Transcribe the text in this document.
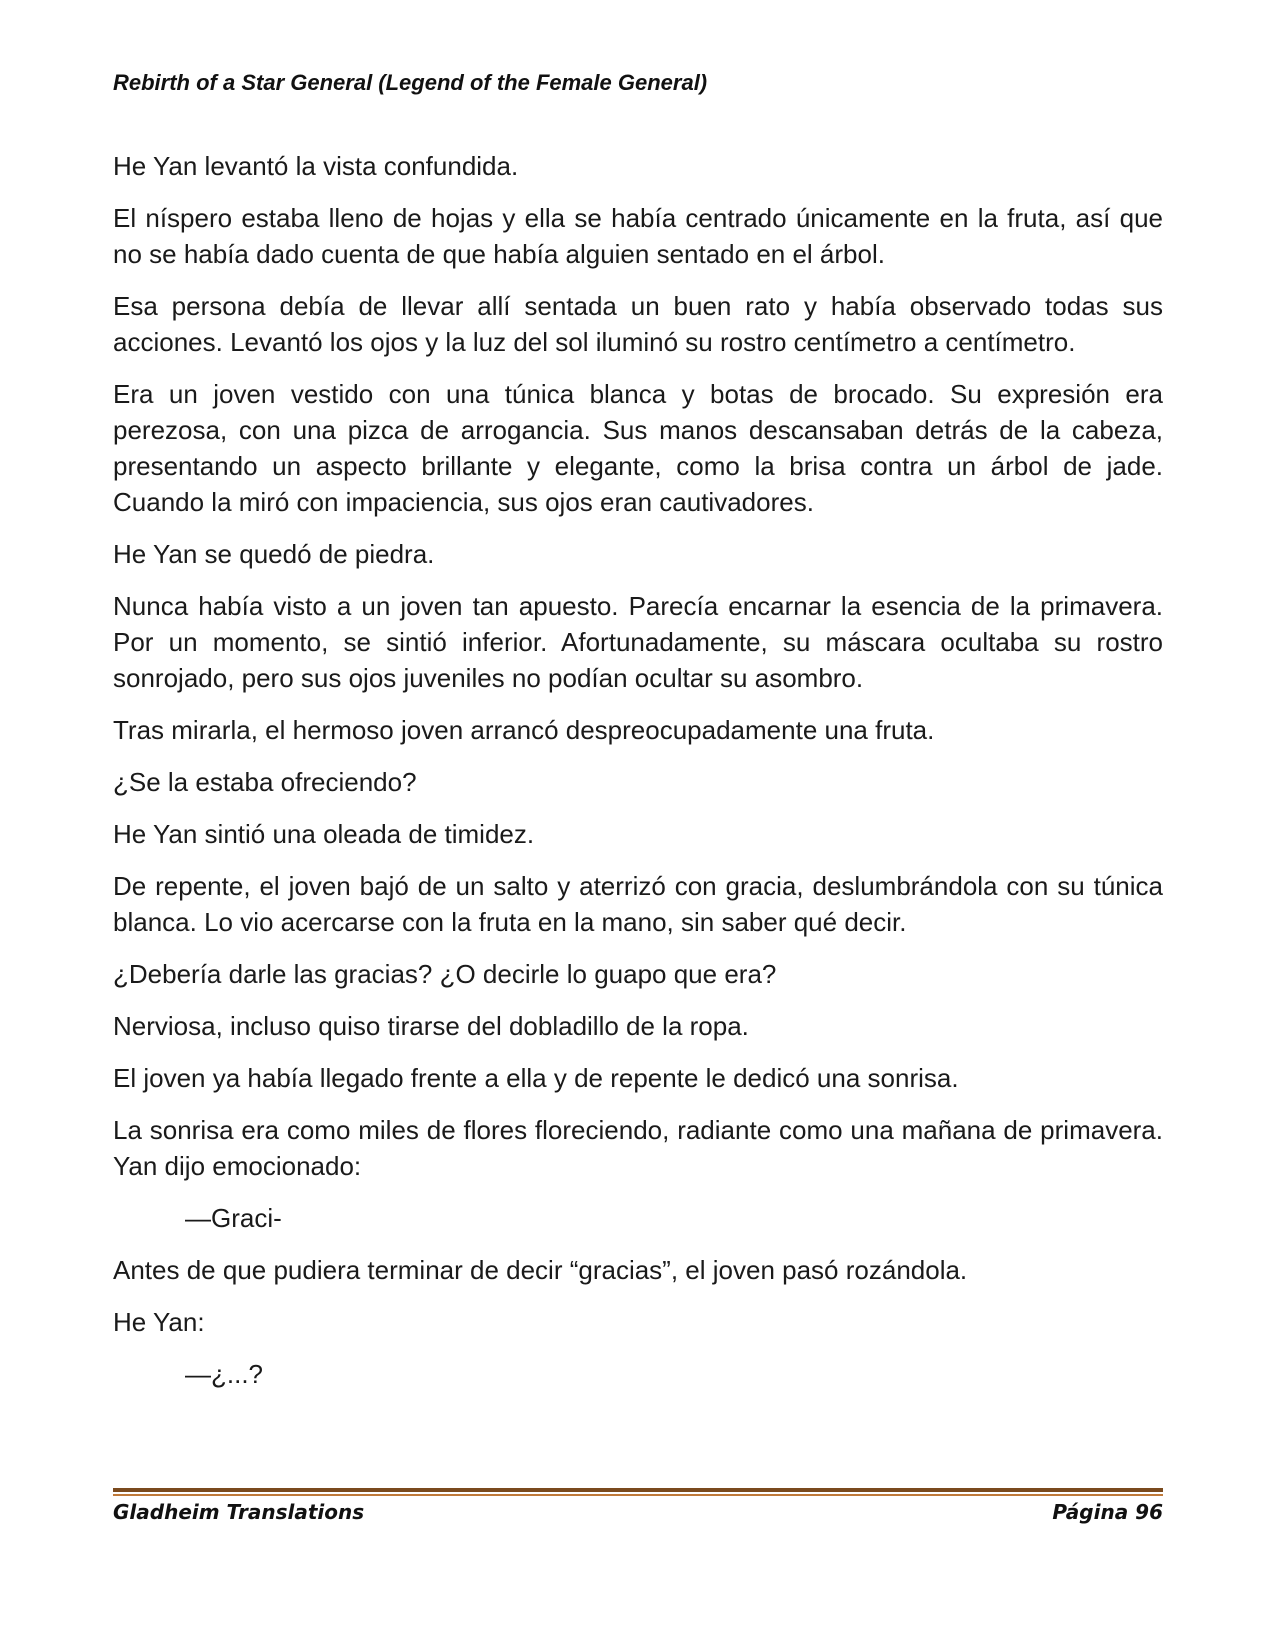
Rebirth of a Star General (Legend of the Female General)

He Yan levantó la vista confundida.

El níspero estaba lleno de hojas y ella se había centrado únicamente en la fruta, así que no se había dado cuenta de que había alguien sentado en el árbol.

Esa persona debía de llevar allí sentada un buen rato y había observado todas sus acciones. Levantó los ojos y la luz del sol iluminó su rostro centímetro a centímetro.

Era un joven vestido con una túnica blanca y botas de brocado. Su expresión era perezosa, con una pizca de arrogancia. Sus manos descansaban detrás de la cabeza, presentando un aspecto brillante y elegante, como la brisa contra un árbol de jade. Cuando la miró con impaciencia, sus ojos eran cautivadores.

He Yan se quedó de piedra.

Nunca había visto a un joven tan apuesto. Parecía encarnar la esencia de la primavera. Por un momento, se sintió inferior. Afortunadamente, su máscara ocultaba su rostro sonrojado, pero sus ojos juveniles no podían ocultar su asombro.

Tras mirarla, el hermoso joven arrancó despreocupadamente una fruta.

¿Se la estaba ofreciendo?

He Yan sintió una oleada de timidez.

De repente, el joven bajó de un salto y aterrizó con gracia, deslumbrándola con su túnica blanca. Lo vio acercarse con la fruta en la mano, sin saber qué decir.

¿Debería darle las gracias? ¿O decirle lo guapo que era?

Nerviosa, incluso quiso tirarse del dobladillo de la ropa.

El joven ya había llegado frente a ella y de repente le dedicó una sonrisa.

La sonrisa era como miles de flores floreciendo, radiante como una mañana de primavera. Yan dijo emocionado:

—Graci-

Antes de que pudiera terminar de decir “gracias”, el joven pasó rozándola.

He Yan:

—¿...?

Gladheim Translations	Página 96
